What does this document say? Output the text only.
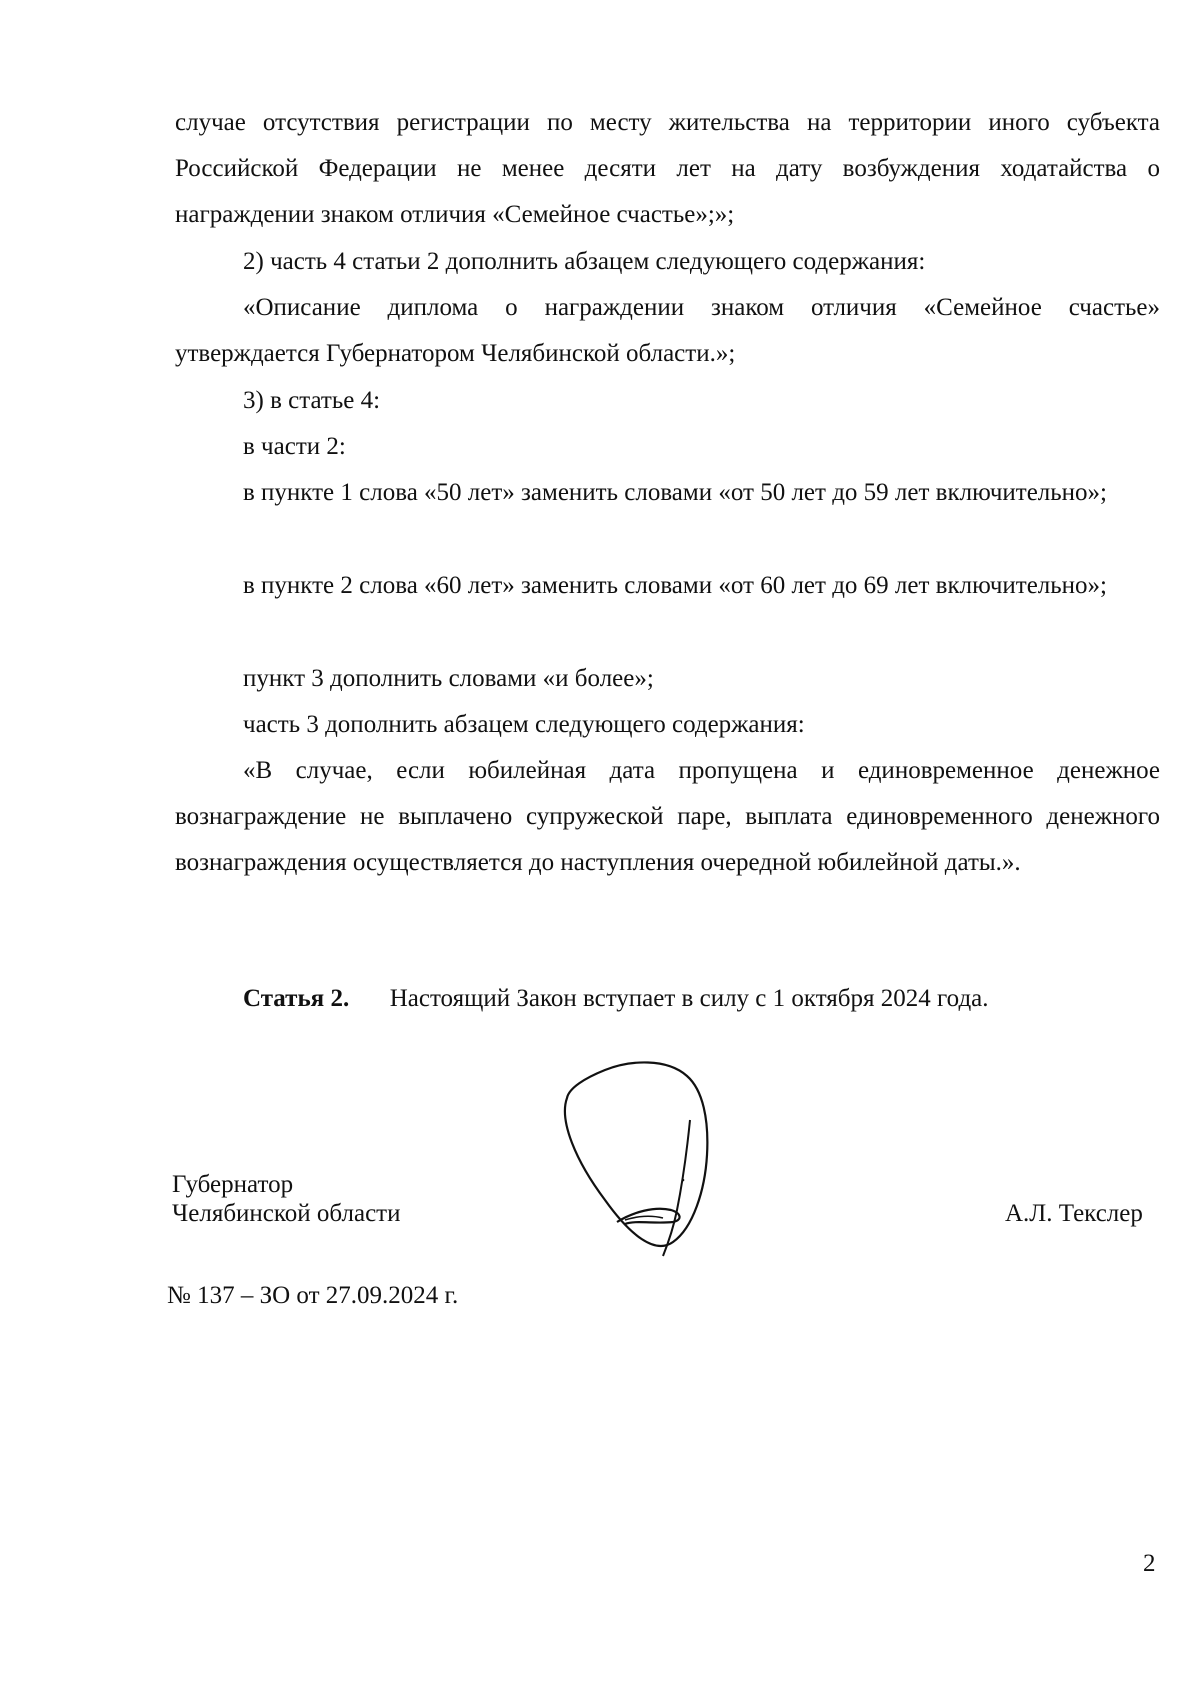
случае отсутствия регистрации по месту жительства на территории иного субъекта Российской Федерации не менее десяти лет на дату возбуждения ходатайства о награждении знаком отличия «Семейное счастье»;»;

2) часть 4 статьи 2 дополнить абзацем следующего содержания:

«Описание диплома о награждении знаком отличия «Семейное счастье» утверждается Губернатором Челябинской области.»;

3) в статье 4:

в части 2:

в пункте 1 слова «50 лет» заменить словами «от 50 лет до 59 лет включительно»;

в пункте 2 слова «60 лет» заменить словами «от 60 лет до 69 лет включительно»;

пункт 3 дополнить словами «и более»;

часть 3 дополнить абзацем следующего содержания:

«В случае, если юбилейная дата пропущена и единовременное денежное вознаграждение не выплачено супружеской паре, выплата единовременного денежного вознаграждения осуществляется до наступления очередной юбилейной даты.».

Статья 2. Настоящий Закон вступает в силу с 1 октября 2024 года.
Губернатор
Челябинской области	А.Л. Текслер
№ 137 – ЗО от 27.09.2024 г.
2
